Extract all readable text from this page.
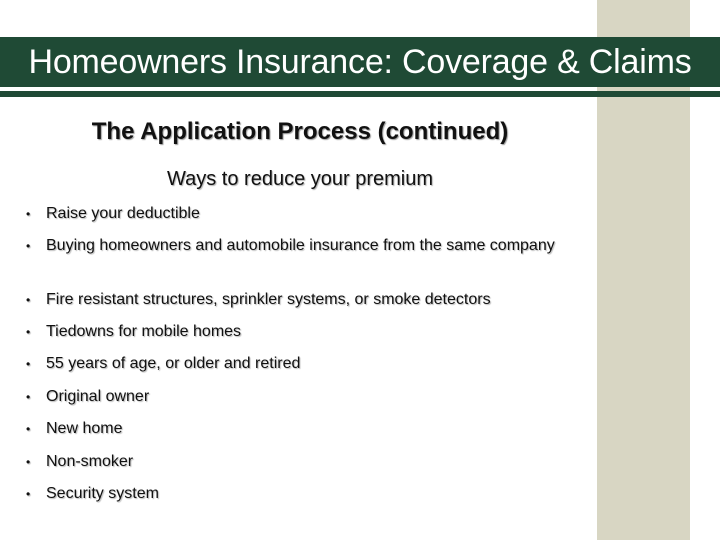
Homeowners Insurance: Coverage & Claims
The Application Process (continued)
Ways to reduce your premium
• Raise your deductible
• Buying homeowners and automobile insurance from the same company
• Fire resistant structures, sprinkler systems, or smoke detectors
• Tiedowns for mobile homes
• 55 years of age, or older and retired
• Original owner
• New home
• Non-smoker
• Security system
